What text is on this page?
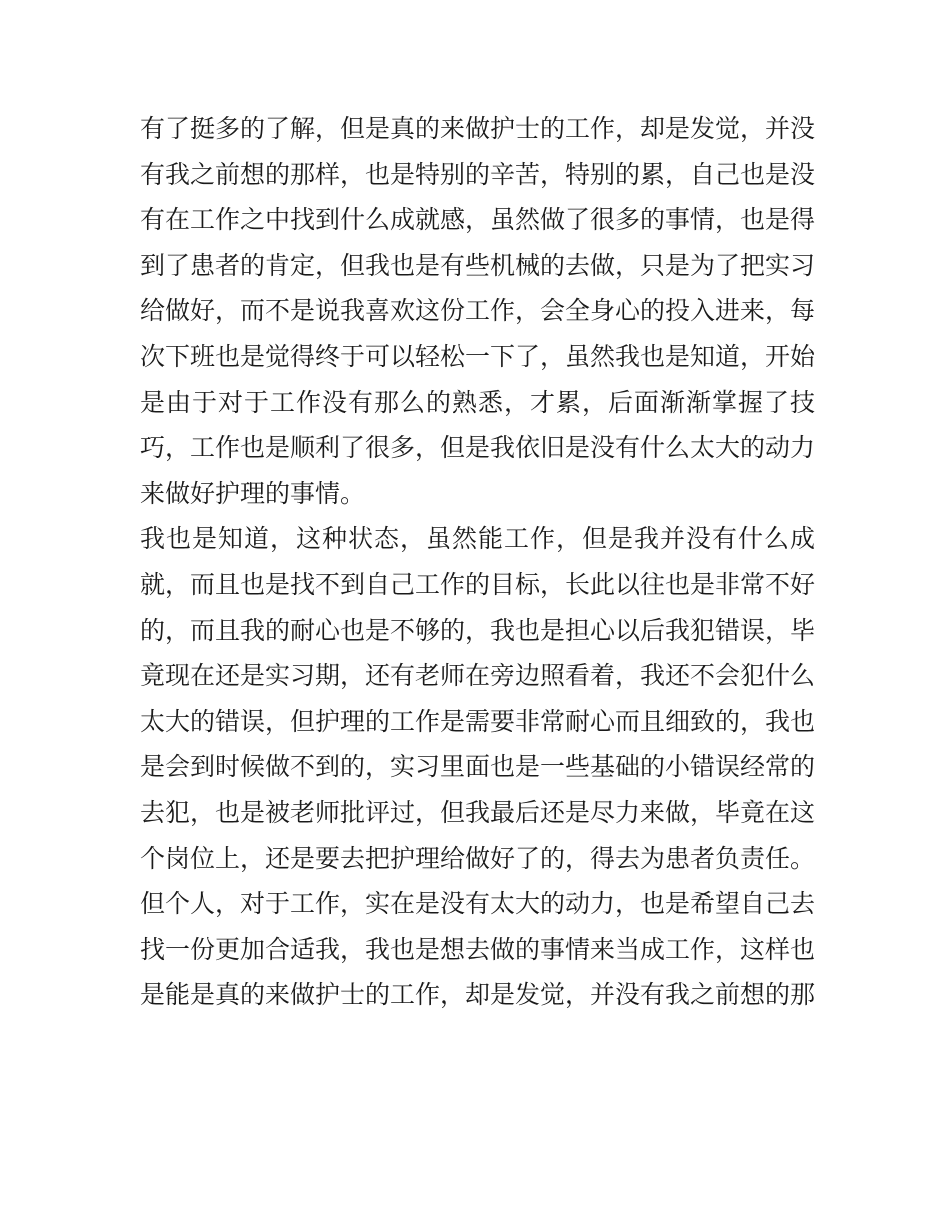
有了挺多的了解，但是真的来做护士的工作，却是发觉，并没
有我之前想的那样，也是特别的辛苦，特别的累，自己也是没
有在工作之中找到什么成就感，虽然做了很多的事情，也是得
到了患者的肯定，但我也是有些机械的去做，只是为了把实习
给做好，而不是说我喜欢这份工作，会全身心的投入进来，每
次下班也是觉得终于可以轻松一下了，虽然我也是知道，开始
是由于对于工作没有那么的熟悉，才累，后面渐渐掌握了技
巧，工作也是顺利了很多，但是我依旧是没有什么太大的动力
来做好护理的事情。
我也是知道，这种状态，虽然能工作，但是我并没有什么成
就，而且也是找不到自己工作的目标，长此以往也是非常不好
的，而且我的耐心也是不够的，我也是担心以后我犯错误，毕
竟现在还是实习期，还有老师在旁边照看着，我还不会犯什么
太大的错误，但护理的工作是需要非常耐心而且细致的，我也
是会到时候做不到的，实习里面也是一些基础的小错误经常的
去犯，也是被老师批评过，但我最后还是尽力来做，毕竟在这
个岗位上，还是要去把护理给做好了的，得去为患者负责任。
但个人，对于工作，实在是没有太大的动力，也是希望自己去
找一份更加合适我，我也是想去做的事情来当成工作，这样也
是能是真的来做护士的工作，却是发觉，并没有我之前想的那
